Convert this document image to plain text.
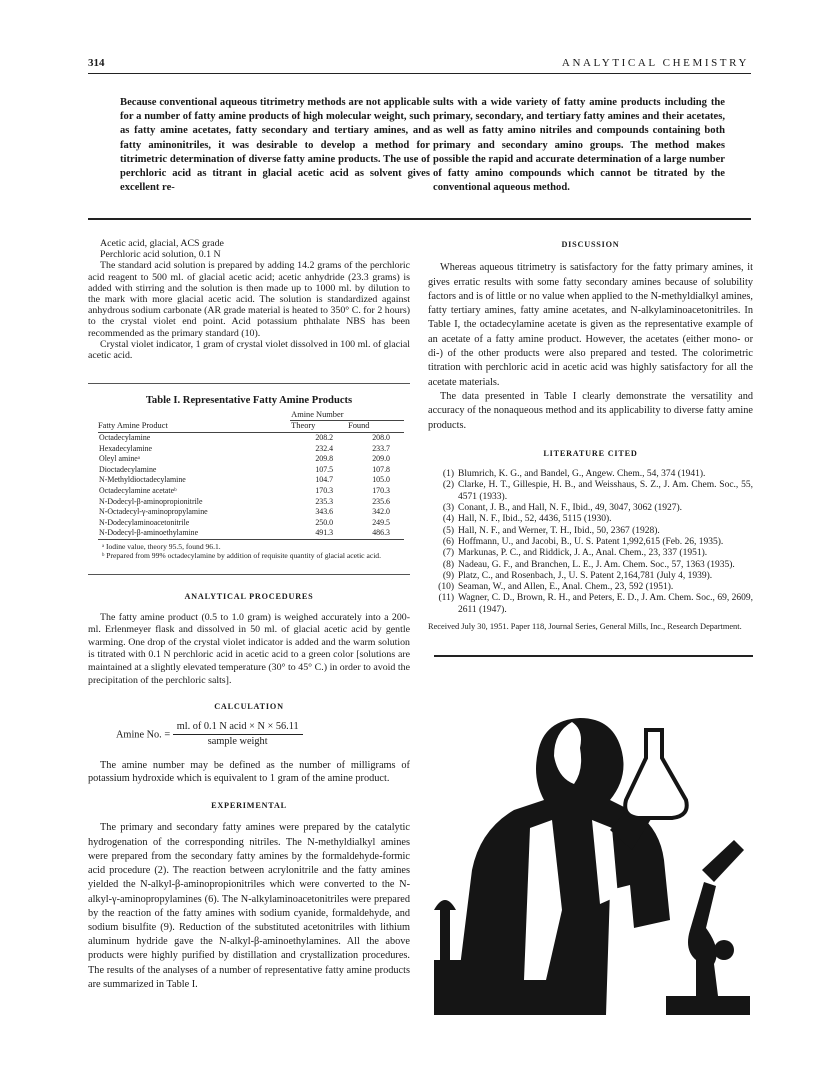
314	ANALYTICAL CHEMISTRY
Because conventional aqueous titrimetry methods are not applicable for a number of fatty amine products of high molecular weight, such as fatty amine acetates, fatty secondary and tertiary amines, and fatty aminonitriles, it was desirable to develop a method for titrimetric determination of diverse fatty amine products. The use of perchloric acid as titrant in glacial acetic acid as solvent gives excellent re-
sults with a wide variety of fatty amine products including the primary, secondary, and tertiary fatty amines and their acetates, as well as fatty amino nitriles and compounds containing both primary and secondary amino groups. The method makes possible the rapid and accurate determination of a large number of fatty amino compounds which cannot be titrated by the conventional aqueous method.
Acetic acid, glacial, ACS grade
Perchloric acid solution, 0.1 N

The standard acid solution is prepared by adding 14.2 grams of the perchloric acid reagent to 500 ml. of glacial acetic acid; acetic anhydride (23.3 grams) is added with stirring and the solution is then made up to 1000 ml. by dilution to the mark with more glacial acetic acid. The solution is standardized against anhydrous sodium carbonate (AR grade material is heated to 350° C. for 2 hours) to the crystal violet end point. Acid potassium phthalate NBS has been recommended as the primary standard (10).

Crystal violet indicator, 1 gram of crystal violet dissolved in 100 ml. of glacial acetic acid.

Table I. Representative Fatty Amine Products
Fatty Amine Product	Amine Number	
	Theory	Found
Octadecylamine	208.2	208.0
Hexadecylamine	232.4	233.7
Oleyl amineᵃ	209.8	209.0
Dioctadecylamine	107.5	107.8
N-Methyldioctadecylamine	104.7	105.0
Octadecylamine acetateᵇ	170.3	170.3
N-Dodecyl-β-aminopropionitrile	235.3	235.6
N-Octadecyl-γ-aminopropylamine	343.6	342.0
N-Dodecylaminoacetonitrile	250.0	249.5
N-Dodecyl-β-aminoethylamine	491.3	486.3
ᵃ Iodine value, theory 95.5, found 96.1.
ᵇ Prepared from 99% octadecylamine by addition of requisite quantity of glacial acetic acid.
ANALYTICAL PROCEDURES

The fatty amine product (0.5 to 1.0 gram) is weighed accurately into a 200-ml. Erlenmeyer flask and dissolved in 50 ml. of glacial acetic acid by gentle warming. One drop of the crystal violet indicator is added and the warm solution is titrated with 0.1 N perchloric acid in acetic acid to a green color [solutions are maintained at a slightly elevated temperature (30° to 45° C.) in order to avoid the precipitation of the perchloric salts].

CALCULATION
Amine No. = $\frac{\text{ml. of 0.1 N acid × N × 56.11}}{\text{sample weight}}$

The amine number may be defined as the number of milligrams of potassium hydroxide which is equivalent to 1 gram of the amine product.

EXPERIMENTAL

The primary and secondary fatty amines were prepared by the catalytic hydrogenation of the corresponding nitriles. The N-methyldialkyl amines were prepared from the secondary fatty amines by the formaldehyde-formic acid procedure (2). The reaction between acrylonitrile and the fatty amines yielded the N-alkyl-β-aminopropionitriles which were converted to the N-alkyl-γ-aminopropylamines (6). The N-alkylaminoacetonitriles were prepared by the reaction of the fatty amines with sodium cyanide, formaldehyde, and sodium bisulfite (9). Reduction of the substituted acetonitriles with lithium aluminum hydride gave the N-alkyl-β-aminoethylamines. All the above products were highly purified by distillation and crystallization procedures. The results of the analyses of a number of representative fatty amine products are summarized in Table I.

DISCUSSION

Whereas aqueous titrimetry is satisfactory for the fatty primary amines, it gives erratic results with some fatty secondary amines because of solubility factors and is of little or no value when applied to the N-methyldialkyl amines, fatty tertiary amines, fatty amine acetates, and N-alkylaminoacetonitriles. In Table I, the octadecylamine acetate is given as the representative example of an acetate of a fatty amine product. However, the acetates (either mono- or di-) of the other products were also prepared and tested. The colorimetric titration with perchloric acid in acetic acid was highly satisfactory for all the acetate materials.

The data presented in Table I clearly demonstrate the versatility and accuracy of the nonaqueous method and its applicability to diverse fatty amine products.

LITERATURE CITED
(1) Blumrich, K. G., and Bandel, G., Angew. Chem., 54, 374 (1941).
(2) Clarke, H. T., Gillespie, H. B., and Weisshaus, S. Z., J. Am. Chem. Soc., 55, 4571 (1933).
(3) Conant, J. B., and Hall, N. F., Ibid., 49, 3047, 3062 (1927).
(4) Hall, N. F., Ibid., 52, 4436, 5115 (1930).
(5) Hall, N. F., and Werner, T. H., Ibid., 50, 2367 (1928).
(6) Hoffmann, U., and Jacobi, B., U. S. Patent 1,992,615 (Feb. 26, 1935).
(7) Markunas, P. C., and Riddick, J. A., Anal. Chem., 23, 337 (1951).
(8) Nadeau, G. F., and Branchen, L. E., J. Am. Chem. Soc., 57, 1363 (1935).
(9) Platz, C., and Rosenbach, J., U. S. Patent 2,164,781 (July 4, 1939).
(10) Seaman, W., and Allen, E., Anal. Chem., 23, 592 (1951).
(11) Wagner, C. D., Brown, R. H., and Peters, E. D., J. Am. Chem. Soc., 69, 2609, 2611 (1947).
Received July 30, 1951. Paper 118, Journal Series, General Mills, Inc., Research Department.
